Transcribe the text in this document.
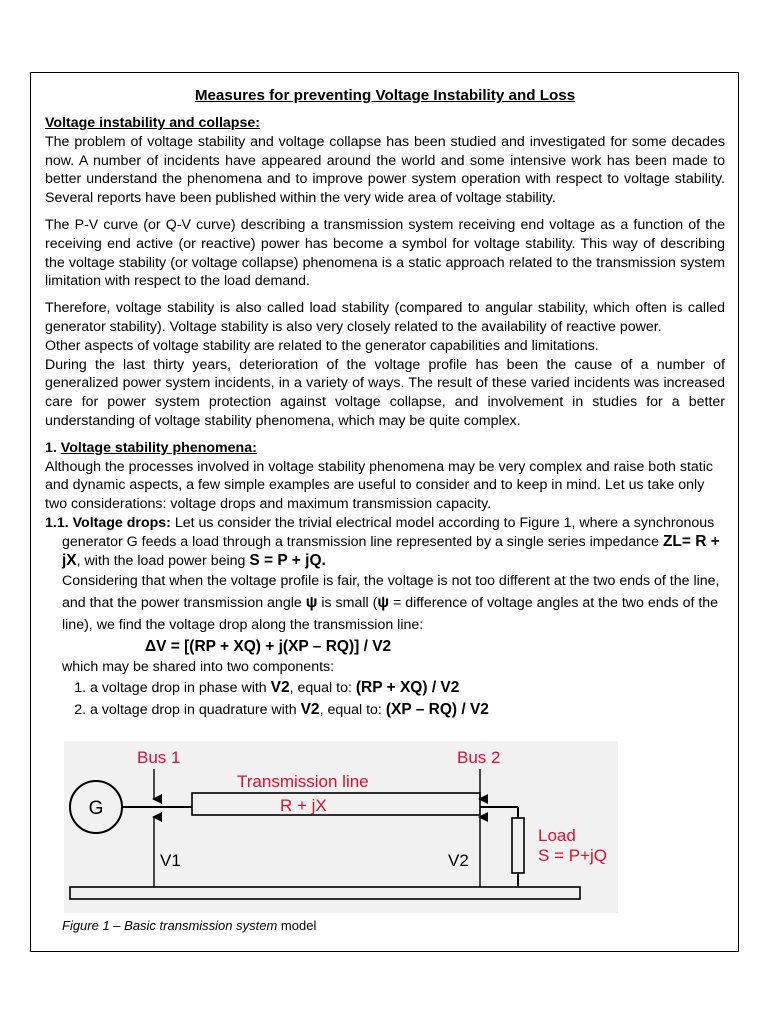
Measures for preventing Voltage Instability and Loss
Voltage instability and collapse:

The problem of voltage stability and voltage collapse has been studied and investigated for some decades now. A number of incidents have appeared around the world and some intensive work has been made to better understand the phenomena and to improve power system operation with respect to voltage stability. Several reports have been published within the very wide area of voltage stability.

The P-V curve (or Q-V curve) describing a transmission system receiving end voltage as a function of the receiving end active (or reactive) power has become a symbol for voltage stability. This way of describing the voltage stability (or voltage collapse) phenomena is a static approach related to the transmission system limitation with respect to the load demand.

Therefore, voltage stability is also called load stability (compared to angular stability, which often is called generator stability). Voltage stability is also very closely related to the availability of reactive power.

Other aspects of voltage stability are related to the generator capabilities and limitations.

During the last thirty years, deterioration of the voltage profile has been the cause of a number of generalized power system incidents, in a variety of ways. The result of these varied incidents was increased care for power system protection against voltage collapse, and involvement in studies for a better understanding of voltage stability phenomena, which may be quite complex.

1. Voltage stability phenomena:

Although the processes involved in voltage stability phenomena may be very complex and raise both static and dynamic aspects, a few simple examples are useful to consider and to keep in mind. Let us take only two considerations: voltage drops and maximum transmission capacity.

1.1. Voltage drops: Let us consider the trivial electrical model according to Figure 1, where a synchronous generator G feeds a load through a transmission line represented by a single series impedance ZL= R + jX, with the load power being S = P + jQ.

Considering that when the voltage profile is fair, the voltage is not too different at the two ends of the line, and that the power transmission angle ψ is small (ψ = difference of voltage angles at the two ends of the line), we find the voltage drop along the transmission line:

ΔV = [(RP + XQ) + j(XP – RQ)] / V2

which may be shared into two components:

1. a voltage drop in phase with V2, equal to: (RP + XQ) / V2
2. a voltage drop in quadrature with V2, equal to: (XP – RQ) / V2
G
Bus 1	Bus 2
Transmission line
R + jX
V1	V2
Load
S = P+jQ
Figure 1 – Basic transmission system model
